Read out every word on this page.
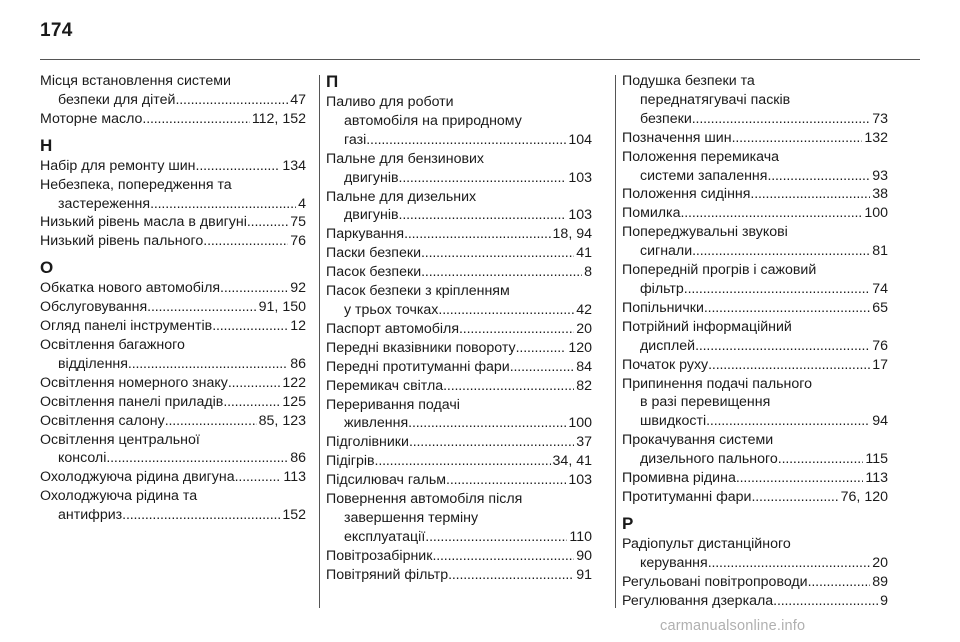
174
Місця встановлення системи
безпеки для дітей . . .	47
Моторне масло . . .	112, 152
Н
Набір для ремонту шин . . .	134
Небезпека, попередження та
застереження . . .	4
Низький рівень масла в двигуні . . .	75
Низький рівень пального . . .	76
О
Обкатка нового автомобіля . . .	92
Обслуговування . . .	91, 150
Огляд панелі інструментів . . .	12
Освітлення багажного
відділення . . .	86
Освітлення номерного знаку . . .	122
Освітлення панелі приладів . . .	125
Освітлення салону . . .	85, 123
Освітлення центральної
консолі . . .	86
Охолоджуюча рідина двигуна . . .	113
Охолоджуюча рідина та
антифриз . . .	152
П
Паливо для роботи
автомобіля на природному
газі . . .	104
Пальне для бензинових
двигунів . . .	103
Пальне для дизельних
двигунів . . .	103
Паркування . . .	18, 94
Паски безпеки . . .	41
Пасок безпеки . . .	8
Пасок безпеки з кріпленням
у трьох точках . . .	42
Паспорт автомобіля . . .	20
Передні вказівники повороту . . .	120
Передні протитуманні фари . . .	84
Перемикач світла . . .	82
Переривання подачі
живлення . . .	100
Підголівники . . .	37
Підігрів . . .	34, 41
Підсилювач гальм . . .	103
Повернення автомобіля після
завершення терміну
експлуатації . . .	110
Повітрозабірник . . .	90
Повітряний фільтр . . .	91
Подушка безпеки та
переднатягувачі пасків
безпеки . . .	73
Позначення шин . . .	132
Положення перемикача
системи запалення . . .	93
Положення сидіння . . .	38
Помилка . . .	100
Попереджувальні звукові
сигнали . . .	81
Попередній прогрів і сажовий
фільтр . . .	74
Попільнички . . .	65
Потрійний інформаційний
дисплей . . .	76
Початок руху . . .	17
Припинення подачі пального
в разі перевищення
швидкості . . .	94
Прокачування системи
дизельного пального . . .	115
Промивна рідина . . .	113
Протитуманні фари . . .	76, 120
Р
Радіопульт дистанційного
керування . . .	20
Регульовані повітропроводи . . .	89
Регулювання дзеркала . . .	9
carmanualsonline.info
